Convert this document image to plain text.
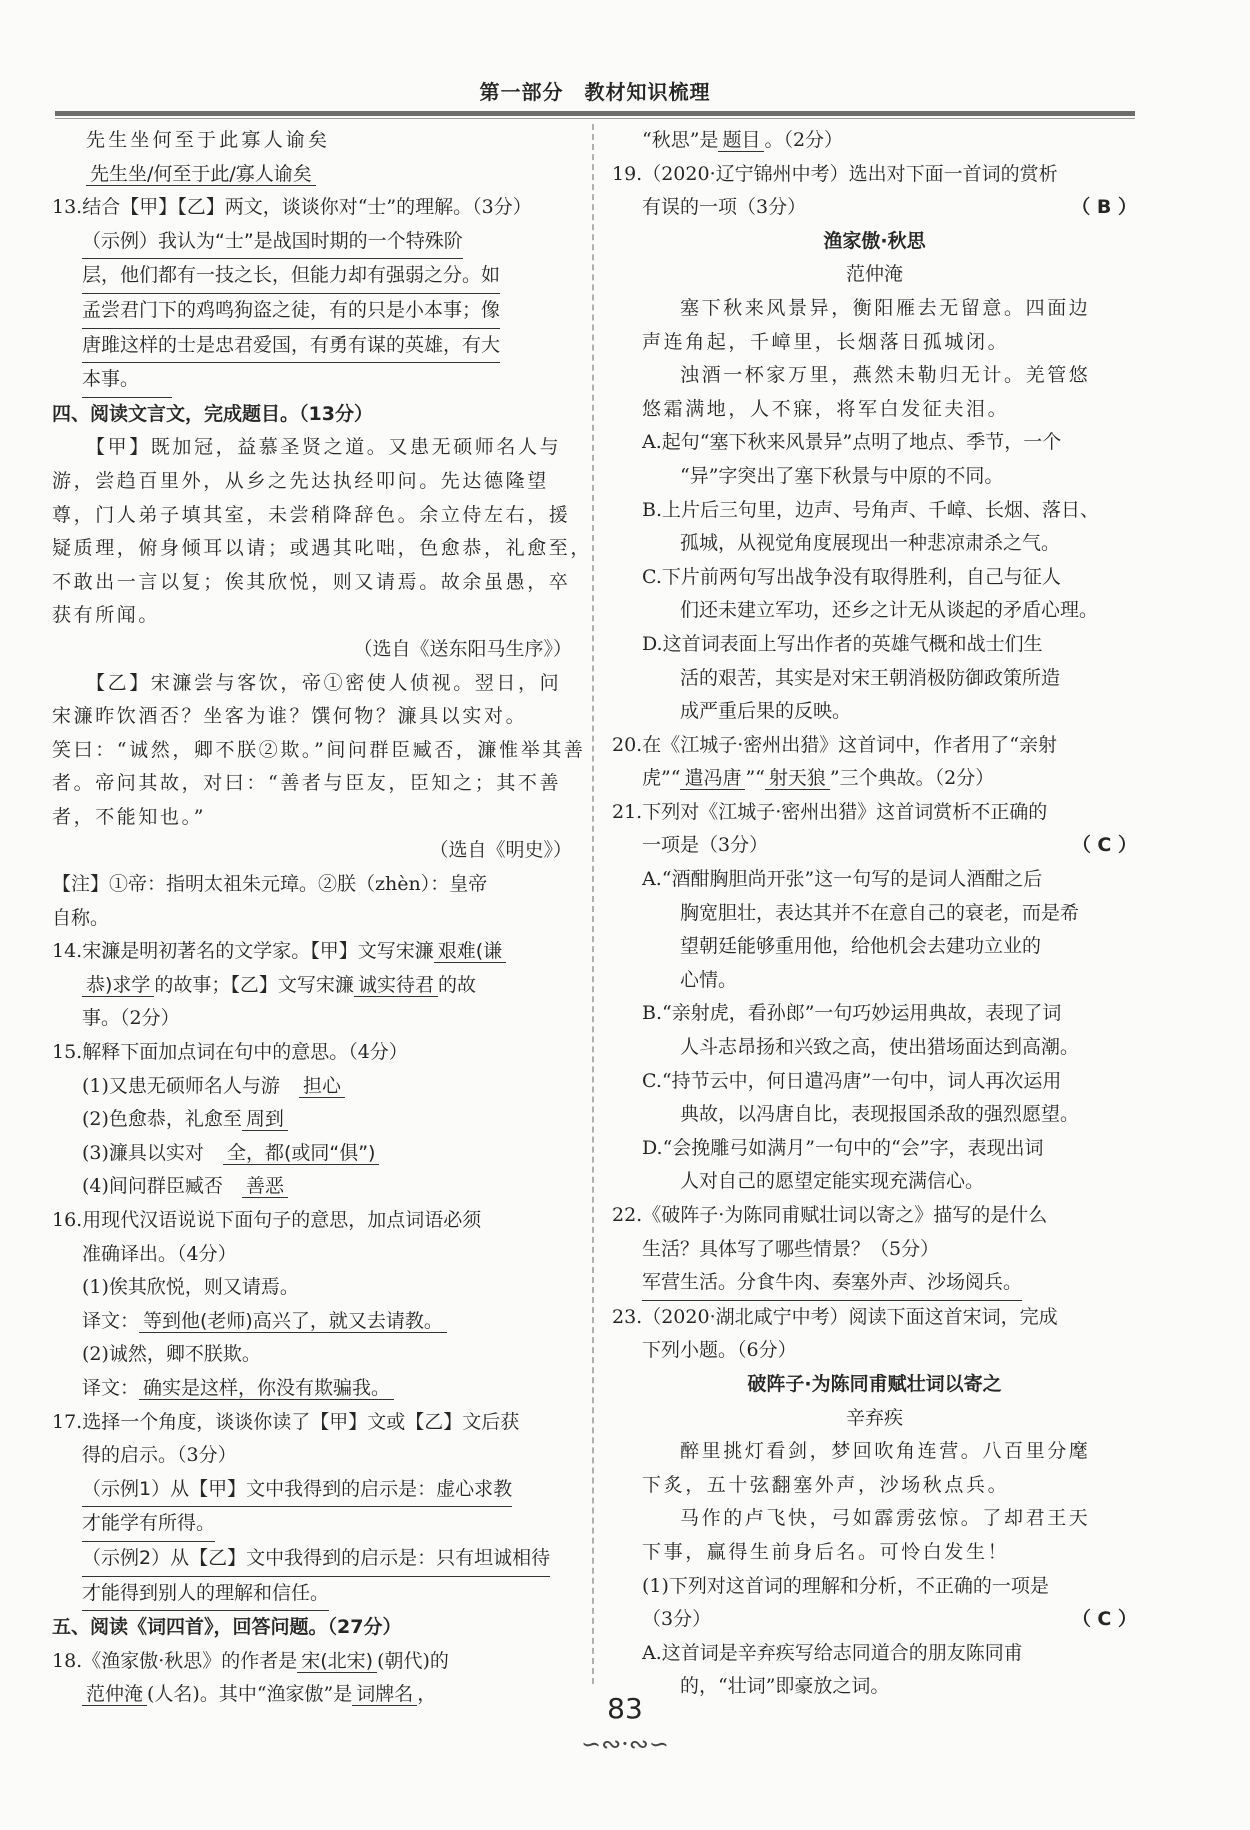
第一部分　教材知识梳理
先生坐何至于此寡人谕矣
先生坐/何至于此/寡人谕矣
13.结合【甲】【乙】两文，谈谈你对“士”的理解。（3分）
（示例）我认为“士”是战国时期的一个特殊阶
层，他们都有一技之长，但能力却有强弱之分。如
孟尝君门下的鸡鸣狗盗之徒，有的只是小本事；像
唐雎这样的士是忠君爱国，有勇有谋的英雄，有大
本事。
四、阅读文言文，完成题目。（13分）
【甲】既加冠，益慕圣贤之道。又患无硕师名人与
游，尝趋百里外，从乡之先达执经叩问。先达德隆望
尊，门人弟子填其室，未尝稍降辞色。余立侍左右，援
疑质理，俯身倾耳以请；或遇其叱咄，色愈恭，礼愈至，
不敢出一言以复；俟其欣悦，则又请焉。故余虽愚，卒
获有所闻。
（选自《送东阳马生序》）
【乙】宋濂尝与客饮，帝①密使人侦视。翌日，问
宋濂昨饮酒否？坐客为谁？馔何物？濂具以实对。
笑曰：“诚然，卿不朕②欺。”间问群臣臧否，濂惟举其善
者。帝问其故，对曰：“善者与臣友，臣知之；其不善
者，不能知也。”
（选自《明史》）
【注】①帝：指明太祖朱元璋。②朕（zhèn）：皇帝
自称。
14.宋濂是明初著名的文学家。【甲】文写宋濂 艰难(谦
恭)求学 的故事；【乙】文写宋濂 诚实待君 的故
事。（2分）
15.解释下面加点词在句中的意思。（4分）
(1)又患无硕师名人与游　 担心
(2)色愈恭，礼愈至 周到
(3)濂具以实对　 全，都(或同“俱”)
(4)间问群臣臧否　 善恶
16.用现代汉语说说下面句子的意思，加点词语必须
准确译出。（4分）
(1)俟其欣悦，则又请焉。
译文： 等到他(老师)高兴了，就又去请教。
(2)诚然，卿不朕欺。
译文： 确实是这样，你没有欺骗我。
17.选择一个角度，谈谈你读了【甲】文或【乙】文后获
得的启示。（3分）
（示例1）从【甲】文中我得到的启示是：虚心求教
才能学有所得。
（示例2）从【乙】文中我得到的启示是：只有坦诚相待
才能得到别人的理解和信任。
五、阅读《词四首》，回答问题。（27分）
18.《渔家傲·秋思》的作者是 宋(北宋) (朝代)的
范仲淹 (人名)。其中“渔家傲”是 词牌名 ，
“秋思”是 题目 。（2分）
19.（2020·辽宁锦州中考）选出对下面一首词的赏析
有误的一项（3分）	（ B ）
渔家傲·秋思
范仲淹
塞下秋来风景异，衡阳雁去无留意。四面边
声连角起，千嶂里，长烟落日孤城闭。
浊酒一杯家万里，燕然未勒归无计。羌管悠
悠霜满地，人不寐，将军白发征夫泪。
A.起句“塞下秋来风景异”点明了地点、季节，一个
“异”字突出了塞下秋景与中原的不同。
B.上片后三句里，边声、号角声、千嶂、长烟、落日、
孤城，从视觉角度展现出一种悲凉肃杀之气。
C.下片前两句写出战争没有取得胜利，自己与征人
们还未建立军功，还乡之计无从谈起的矛盾心理。
D.这首词表面上写出作者的英雄气概和战士们生
活的艰苦，其实是对宋王朝消极防御政策所造
成严重后果的反映。
20.在《江城子·密州出猎》这首词中，作者用了“亲射
虎”“ 遣冯唐 ”“ 射天狼 ”三个典故。（2分）
21.下列对《江城子·密州出猎》这首词赏析不正确的
一项是（3分）	（ C ）
A.“酒酣胸胆尚开张”这一句写的是词人酒酣之后
胸宽胆壮，表达其并不在意自己的衰老，而是希
望朝廷能够重用他，给他机会去建功立业的
心情。
B.“亲射虎，看孙郎”一句巧妙运用典故，表现了词
人斗志昂扬和兴致之高，使出猎场面达到高潮。
C.“持节云中，何日遣冯唐”一句中，词人再次运用
典故，以冯唐自比，表现报国杀敌的强烈愿望。
D.“会挽雕弓如满月”一句中的“会”字，表现出词
人对自己的愿望定能实现充满信心。
22.《破阵子·为陈同甫赋壮词以寄之》描写的是什么
生活？具体写了哪些情景？（5分）
军营生活。分食牛肉、奏塞外声、沙场阅兵。
23.（2020·湖北咸宁中考）阅读下面这首宋词，完成
下列小题。（6分）
破阵子·为陈同甫赋壮词以寄之
辛弃疾
醉里挑灯看剑，梦回吹角连营。八百里分麾
下炙，五十弦翻塞外声，沙场秋点兵。
马作的卢飞快，弓如霹雳弦惊。了却君王天
下事，赢得生前身后名。可怜白发生！
(1)下列对这首词的理解和分析，不正确的一项是
（3分）	（ C ）
A.这首词是辛弃疾写给志同道合的朋友陈同甫
的，“壮词”即豪放之词。
83
∽∾·∾∽
